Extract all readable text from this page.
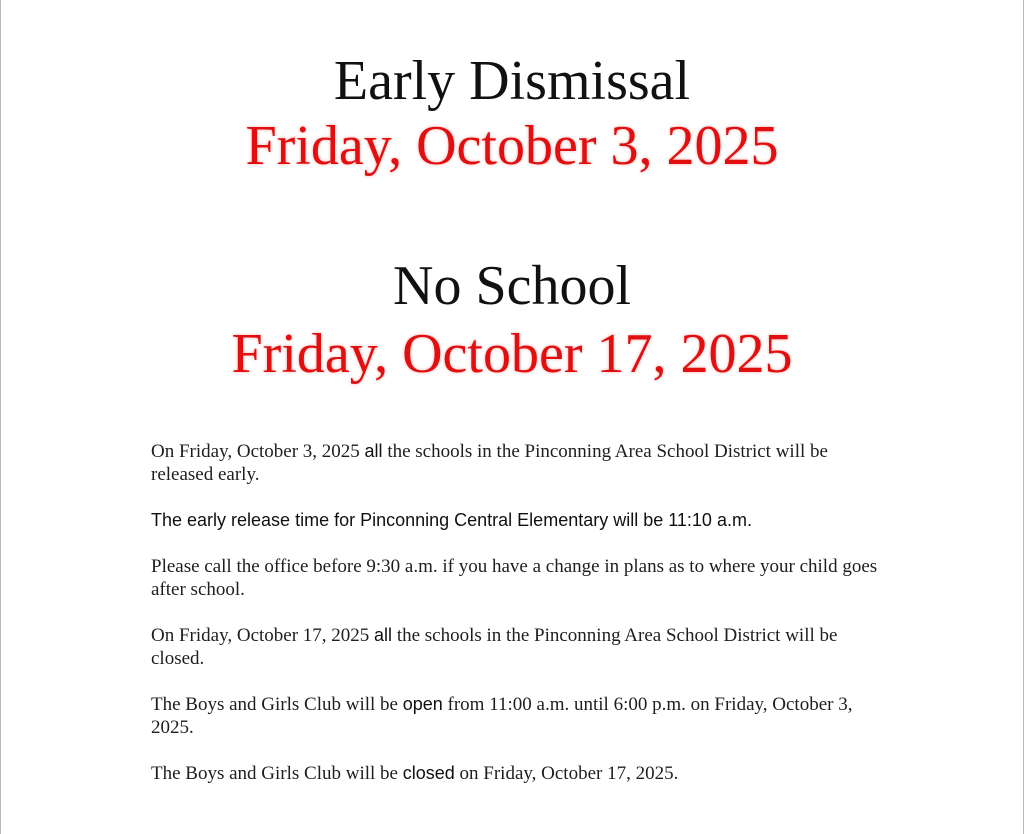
Early Dismissal
Friday, October 3, 2025
No School
Friday, October 17, 2025

On Friday, October 3, 2025 all the schools in the Pinconning Area School District will be released early.

The early release time for Pinconning Central Elementary will be 11:10 a.m.

Please call the office before 9:30 a.m. if you have a change in plans as to where your child goes after school.

On Friday, October 17, 2025 all the schools in the Pinconning Area School District will be closed.

The Boys and Girls Club will be open from 11:00 a.m. until 6:00 p.m. on Friday, October 3, 2025.

The Boys and Girls Club will be closed on Friday, October 17, 2025.
